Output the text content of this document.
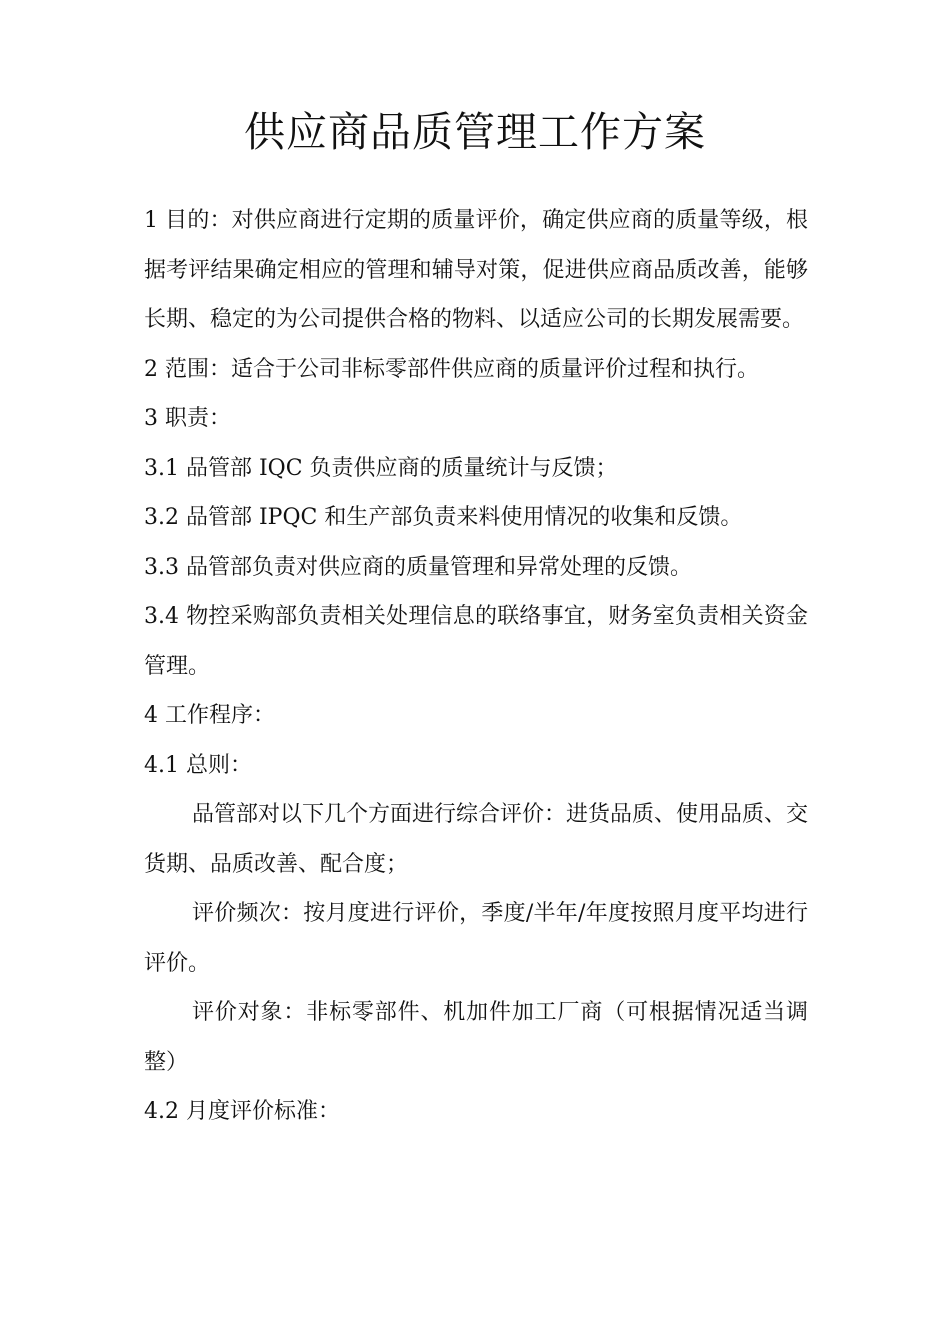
供应商品质管理工作方案

1 目的：对供应商进行定期的质量评价，确定供应商的质量等级，根据考评结果确定相应的管理和辅导对策，促进供应商品质改善，能够长期、稳定的为公司提供合格的物料、以适应公司的长期发展需要。

2 范围：适合于公司非标零部件供应商的质量评价过程和执行。

3 职责：

3.1 品管部 IQC 负责供应商的质量统计与反馈；

3.2 品管部 IPQC 和生产部负责来料使用情况的收集和反馈。

3.3 品管部负责对供应商的质量管理和异常处理的反馈。

3.4 物控采购部负责相关处理信息的联络事宜，财务室负责相关资金管理。

4 工作程序：

4.1 总则：

品管部对以下几个方面进行综合评价：进货品质、使用品质、交货期、品质改善、配合度；

评价频次：按月度进行评价，季度/半年/年度按照月度平均进行评价。

评价对象：非标零部件、机加件加工厂商（可根据情况适当调整）

4.2 月度评价标准：
